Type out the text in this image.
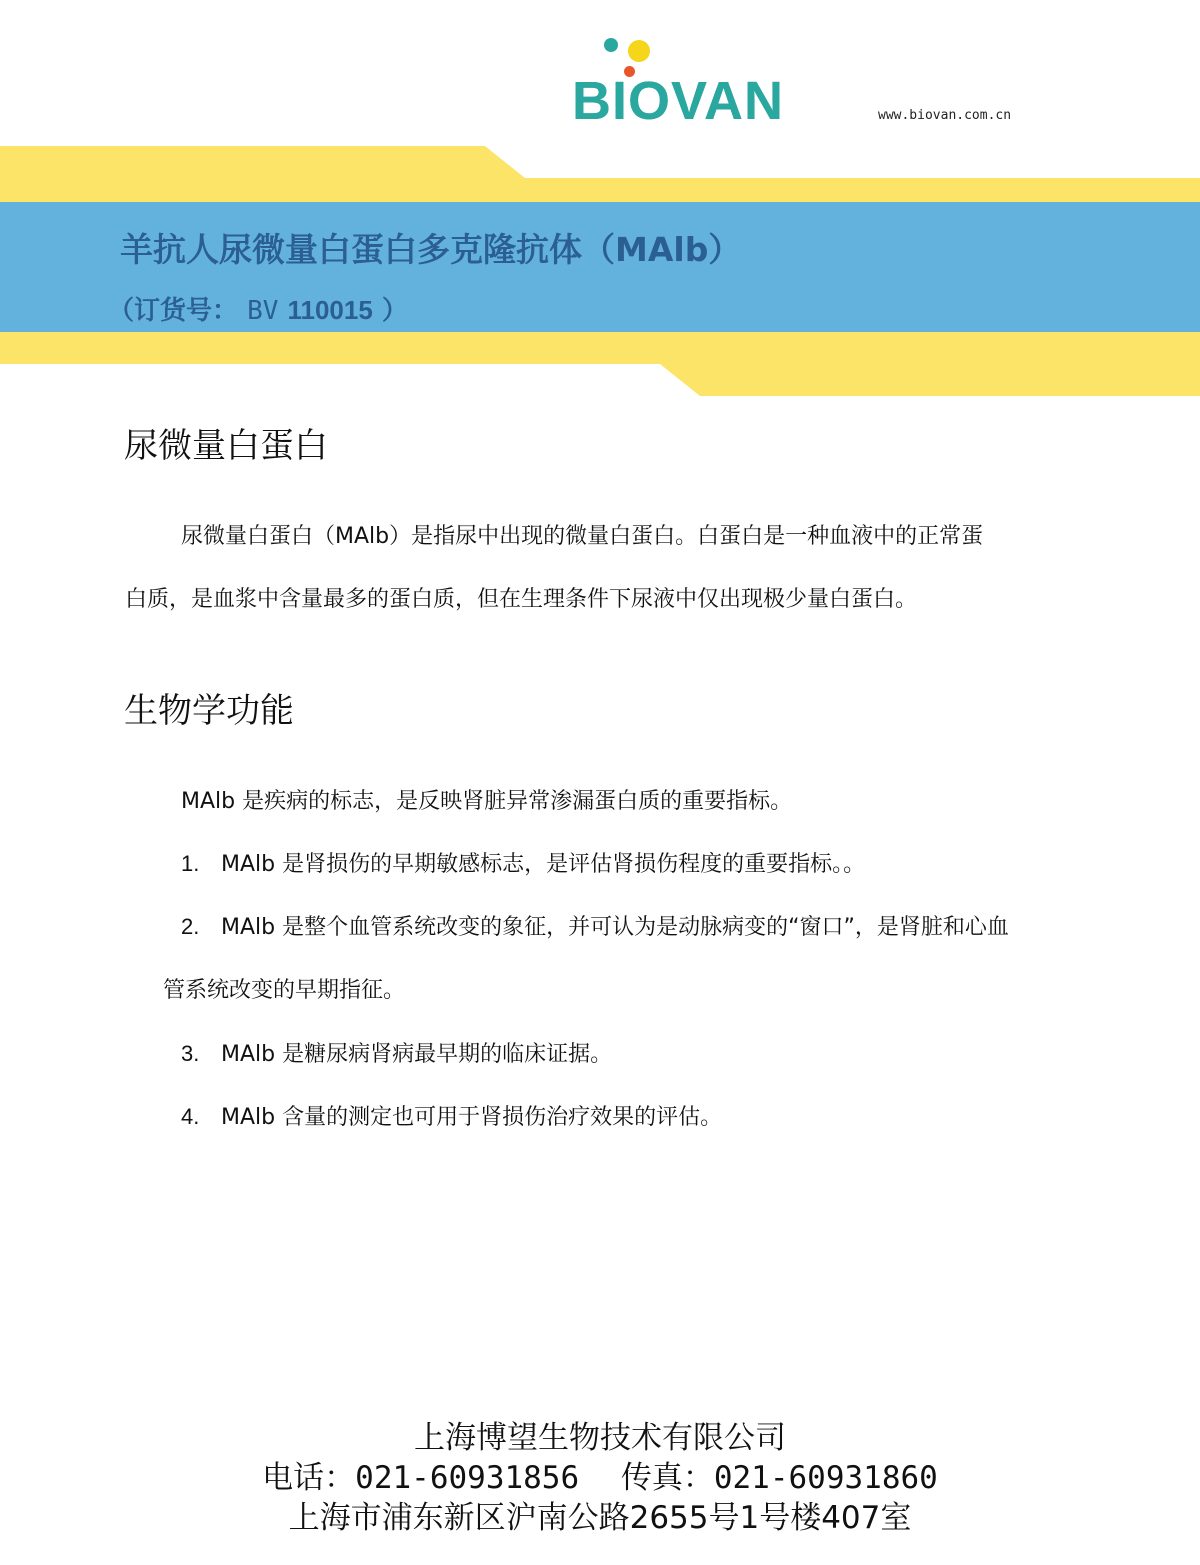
BIOVAN	www.biovan.com.cn
羊抗人尿微量白蛋白多克隆抗体（MAlb）
（订货号： BV 110015 ）
尿微量白蛋白
尿微量白蛋白（MAlb）是指尿中出现的微量白蛋白。白蛋白是一种血液中的正常蛋
白质，是血浆中含量最多的蛋白质，但在生理条件下尿液中仅出现极少量白蛋白。
生物学功能
MAlb 是疾病的标志，是反映肾脏异常渗漏蛋白质的重要指标。
1. MAlb 是肾损伤的早期敏感标志，是评估肾损伤程度的重要指标。。
2. MAlb 是整个血管系统改变的象征，并可认为是动脉病变的“窗口”，是肾脏和心血
管系统改变的早期指征。
3. MAlb 是糖尿病肾病最早期的临床证据。
4. MAlb 含量的测定也可用于肾损伤治疗效果的评估。
上海博望生物技术有限公司
电话：021-60931856 传真：021-60931860
上海市浦东新区沪南公路2655号1号楼407室
